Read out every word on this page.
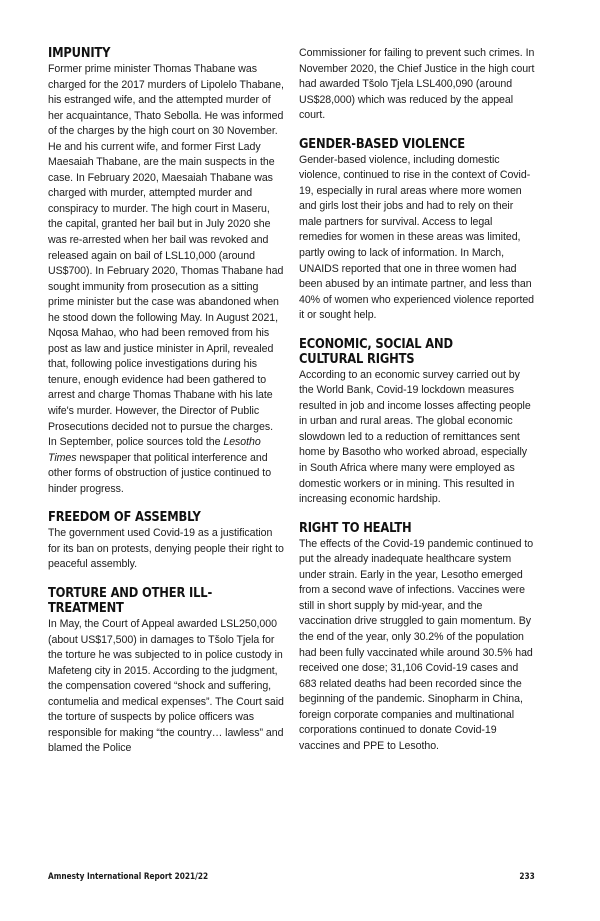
IMPUNITY

Former prime minister Thomas Thabane was charged for the 2017 murders of Lipolelo Thabane, his estranged wife, and the attempted murder of her acquaintance, Thato Sebolla. He was informed of the charges by the high court on 30 November. He and his current wife, and former First Lady Maesaiah Thabane, are the main suspects in the case. In February 2020, Maesaiah Thabane was charged with murder, attempted murder and conspiracy to murder. The high court in Maseru, the capital, granted her bail but in July 2020 she was re-arrested when her bail was revoked and released again on bail of LSL10,000 (around US$700). In February 2020, Thomas Thabane had sought immunity from prosecution as a sitting prime minister but the case was abandoned when he stood down the following May. In August 2021, Nqosa Mahao, who had been removed from his post as law and justice minister in April, revealed that, following police investigations during his tenure, enough evidence had been gathered to arrest and charge Thomas Thabane with his late wife's murder. However, the Director of Public Prosecutions decided not to pursue the charges. In September, police sources told the Lesotho Times newspaper that political interference and other forms of obstruction of justice continued to hinder progress.

FREEDOM OF ASSEMBLY

The government used Covid-19 as a justification for its ban on protests, denying people their right to peaceful assembly.

TORTURE AND OTHER ILL-TREATMENT

In May, the Court of Appeal awarded LSL250,000 (about US$17,500) in damages to Tšolo Tjela for the torture he was subjected to in police custody in Mafeteng city in 2015. According to the judgment, the compensation covered “shock and suffering, contumelia and medical expenses”. The Court said the torture of suspects by police officers was responsible for making “the country… lawless” and blamed the Police

Commissioner for failing to prevent such crimes. In November 2020, the Chief Justice in the high court had awarded Tšolo Tjela LSL400,090 (around US$28,000) which was reduced by the appeal court.

GENDER-BASED VIOLENCE

Gender-based violence, including domestic violence, continued to rise in the context of Covid-19, especially in rural areas where more women and girls lost their jobs and had to rely on their male partners for survival. Access to legal remedies for women in these areas was limited, partly owing to lack of information. In March, UNAIDS reported that one in three women had been abused by an intimate partner, and less than 40% of women who experienced violence reported it or sought help.

ECONOMIC, SOCIAL AND CULTURAL RIGHTS

According to an economic survey carried out by the World Bank, Covid-19 lockdown measures resulted in job and income losses affecting people in urban and rural areas. The global economic slowdown led to a reduction of remittances sent home by Basotho who worked abroad, especially in South Africa where many were employed as domestic workers or in mining. This resulted in increasing economic hardship.

RIGHT TO HEALTH

The effects of the Covid-19 pandemic continued to put the already inadequate healthcare system under strain. Early in the year, Lesotho emerged from a second wave of infections. Vaccines were still in short supply by mid-year, and the vaccination drive struggled to gain momentum. By the end of the year, only 30.2% of the population had been fully vaccinated while around 30.5% had received one dose; 31,106 Covid-19 cases and 683 related deaths had been recorded since the beginning of the pandemic. Sinopharm in China, foreign corporate companies and multinational corporations continued to donate Covid-19 vaccines and PPE to Lesotho.

Amnesty International Report 2021/22	233
